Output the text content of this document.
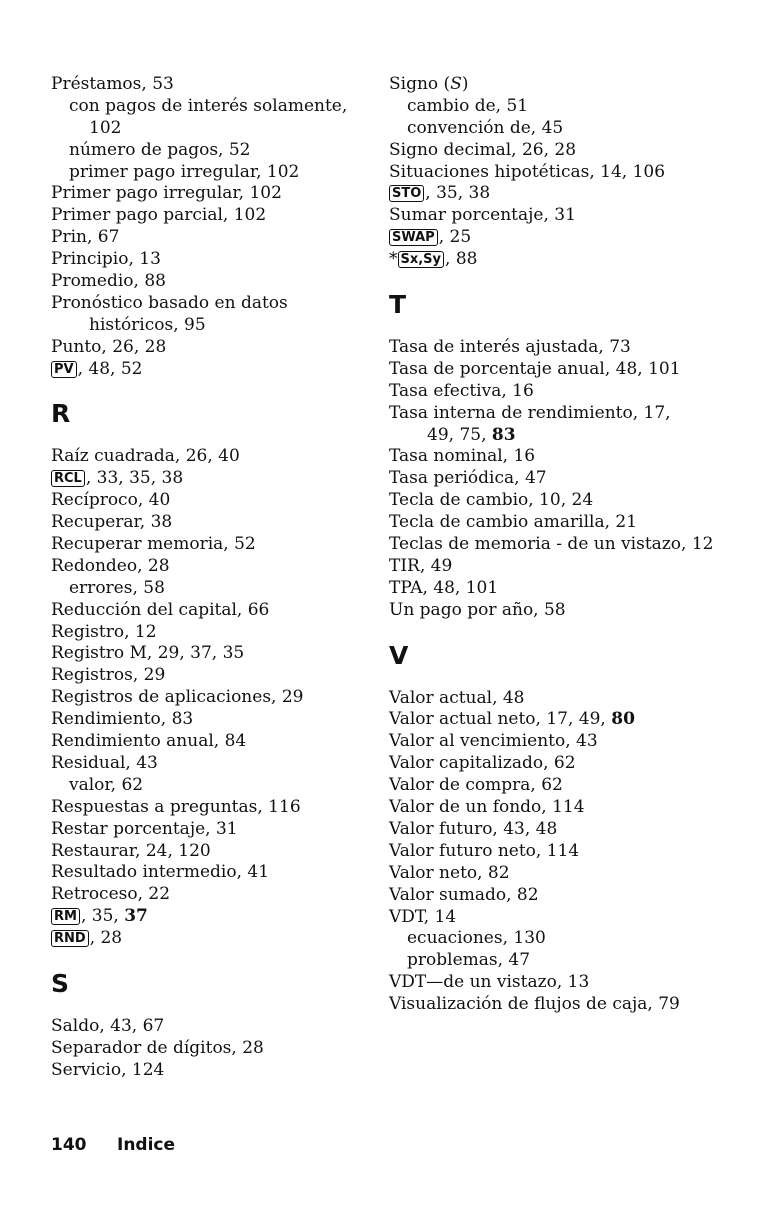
Préstamos, 53
con pagos de interés solamente,
102
número de pagos, 52
primer pago irregular, 102
Primer pago irregular, 102
Primer pago parcial, 102
Prin, 67
Principio, 13
Promedio, 88
Pronóstico basado en datos
históricos, 95
Punto, 26, 28
PV , 48, 52
R
Raíz cuadrada, 26, 40
RCL , 33, 35, 38
Recíproco, 40
Recuperar, 38
Recuperar memoria, 52
Redondeo, 28
errores, 58
Reducción del capital, 66
Registro, 12
Registro M, 29, 37, 35
Registros, 29
Registros de aplicaciones, 29
Rendimiento, 83
Rendimiento anual, 84
Residual, 43
valor, 62
Respuestas a preguntas, 116
Restar porcentaje, 31
Restaurar, 24, 120
Resultado intermedio, 41
Retroceso, 22
RM , 35, 37
RND , 28
S
Saldo, 43, 67
Separador de dígitos, 28
Servicio, 124
Signo (S)
cambio de, 51
convención de, 45
Signo decimal, 26, 28
Situaciones hipotéticas, 14, 106
STO , 35, 38
Sumar porcentaje, 31
SWAP , 25
* Sx,Sy , 88
T
Tasa de interés ajustada, 73
Tasa de porcentaje anual, 48, 101
Tasa efectiva, 16
Tasa interna de rendimiento, 17,
49, 75, 83
Tasa nominal, 16
Tasa periódica, 47
Tecla de cambio, 10, 24
Tecla de cambio amarilla, 21
Teclas de memoria - de un vistazo, 12
TIR, 49
TPA, 48, 101
Un pago por año, 58
V
Valor actual, 48
Valor actual neto, 17, 49, 80
Valor al vencimiento, 43
Valor capitalizado, 62
Valor de compra, 62
Valor de un fondo, 114
Valor futuro, 43, 48
Valor futuro neto, 114
Valor neto, 82
Valor sumado, 82
VDT, 14
ecuaciones, 130
problemas, 47
VDT—de un vistazo, 13
Visualización de flujos de caja, 79
140 Indice
